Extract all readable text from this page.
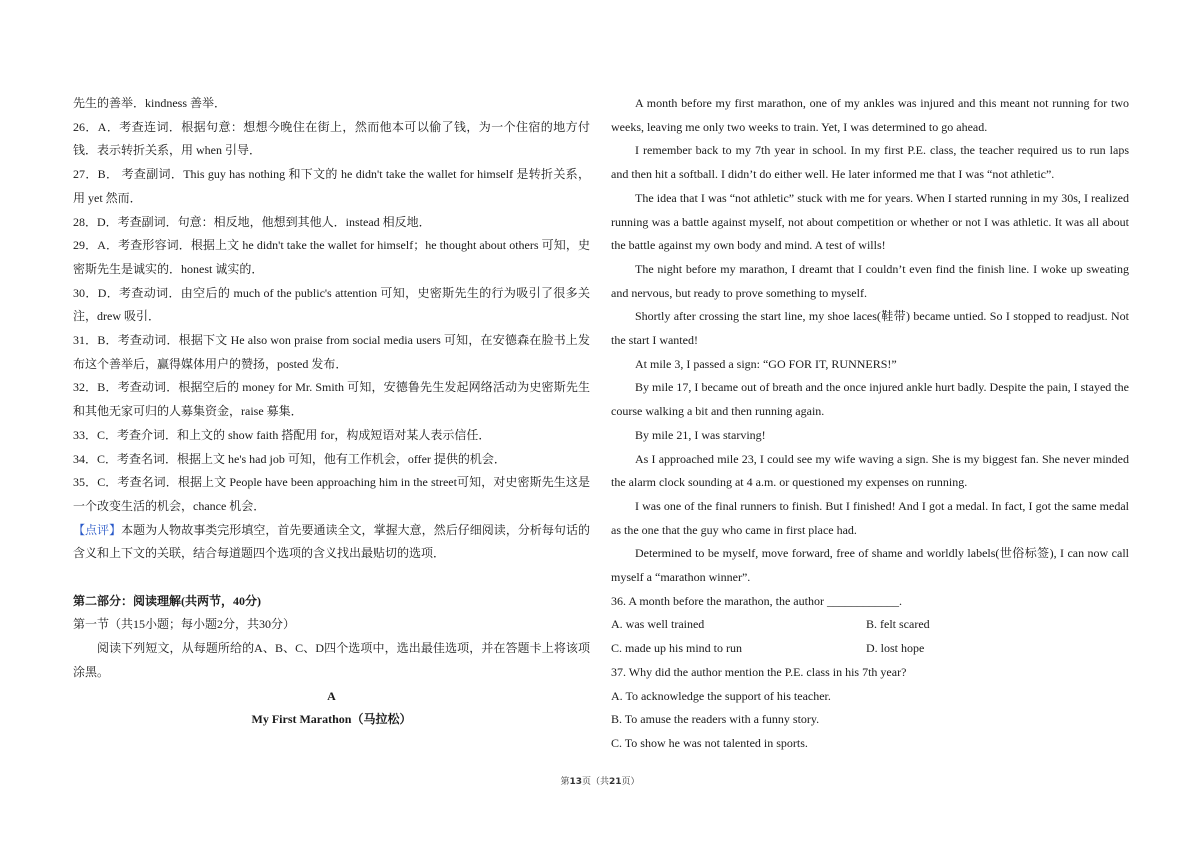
先生的善举．kindness 善举．

26．A．考查连词．根据句意：想想今晚住在街上，然而他本可以偷了钱，为一个住宿的地方付钱．表示转折关系，用 when 引导．

27．B． 考查副词．This guy has nothing 和下文的 he didn't take the wallet for himself 是转折关系，用 yet 然而．

28．D．考查副词．句意：相反地，他想到其他人．instead 相反地．

29．A．考查形容词．根据上文 he didn't take the wallet for himself；he thought about others 可知，史密斯先生是诚实的．honest 诚实的．

30．D．考查动词．由空后的 much of the public's attention 可知，史密斯先生的行为吸引了很多关注，drew 吸引．

31．B．考查动词．根据下文 He also won praise from social media users 可知，在安德森在脸书上发布这个善举后，赢得媒体用户的赞扬，posted 发布．

32．B．考查动词．根据空后的 money for Mr. Smith 可知，安德鲁先生发起网络活动为史密斯先生和其他无家可归的人募集资金，raise 募集．

33．C．考查介词．和上文的 show faith 搭配用 for，构成短语对某人表示信任．

34．C．考查名词．根据上文 he's had job 可知，他有工作机会，offer 提供的机会．

35．C．考查名词．根据上文 People have been approaching him in the street可知，对史密斯先生这是一个改变生活的机会，chance 机会．

【点评】本题为人物故事类完形填空，首先要通读全文，掌握大意，然后仔细阅读，分析每句话的含义和上下文的关联，结合每道题四个选项的含义找出最贴切的选项．

第二部分：阅读理解(共两节，40分)

第一节（共15小题；每小题2分，共30分）

阅读下列短文，从每题所给的A、B、C、D四个选项中，选出最佳选项，并在答题卡上将该项涂黑。

A

My First Marathon（马拉松）

A month before my first marathon, one of my ankles was injured and this meant not running for two weeks, leaving me only two weeks to train. Yet, I was determined to go ahead.

I remember back to my 7th year in school. In my first P.E. class, the teacher required us to run laps and then hit a softball. I didn’t do either well. He later informed me that I was “not athletic”.

The idea that I was “not athletic” stuck with me for years. When I started running in my 30s, I realized running was a battle against myself, not about competition or whether or not I was athletic. It was all about the battle against my own body and mind. A test of wills!

The night before my marathon, I dreamt that I couldn’t even find the finish line. I woke up sweating and nervous, but ready to prove something to myself.

Shortly after crossing the start line, my shoe laces(鞋带) became untied. So I stopped to readjust. Not the start I wanted!

At mile 3, I passed a sign: “GO FOR IT, RUNNERS!”

By mile 17, I became out of breath and the once injured ankle hurt badly. Despite the pain, I stayed the course walking a bit and then running again.

By mile 21, I was starving!

As I approached mile 23, I could see my wife waving a sign. She is my biggest fan. She never minded the alarm clock sounding at 4 a.m. or questioned my expenses on running.

I was one of the final runners to finish. But I finished! And I got a medal. In fact, I got the same medal as the one that the guy who came in first place had.

Determined to be myself, move forward, free of shame and worldly labels(世俗标签), I can now call myself a “marathon winner”.

36. A month before the marathon, the author ____________.

A. was well trained	B. felt scared
C. made up his mind to run	D. lost hope

37. Why did the author mention the P.E. class in his 7th year?

A. To acknowledge the support of his teacher.

B. To amuse the readers with a funny story.

C. To show he was not talented in sports.

第13页（共21页）
